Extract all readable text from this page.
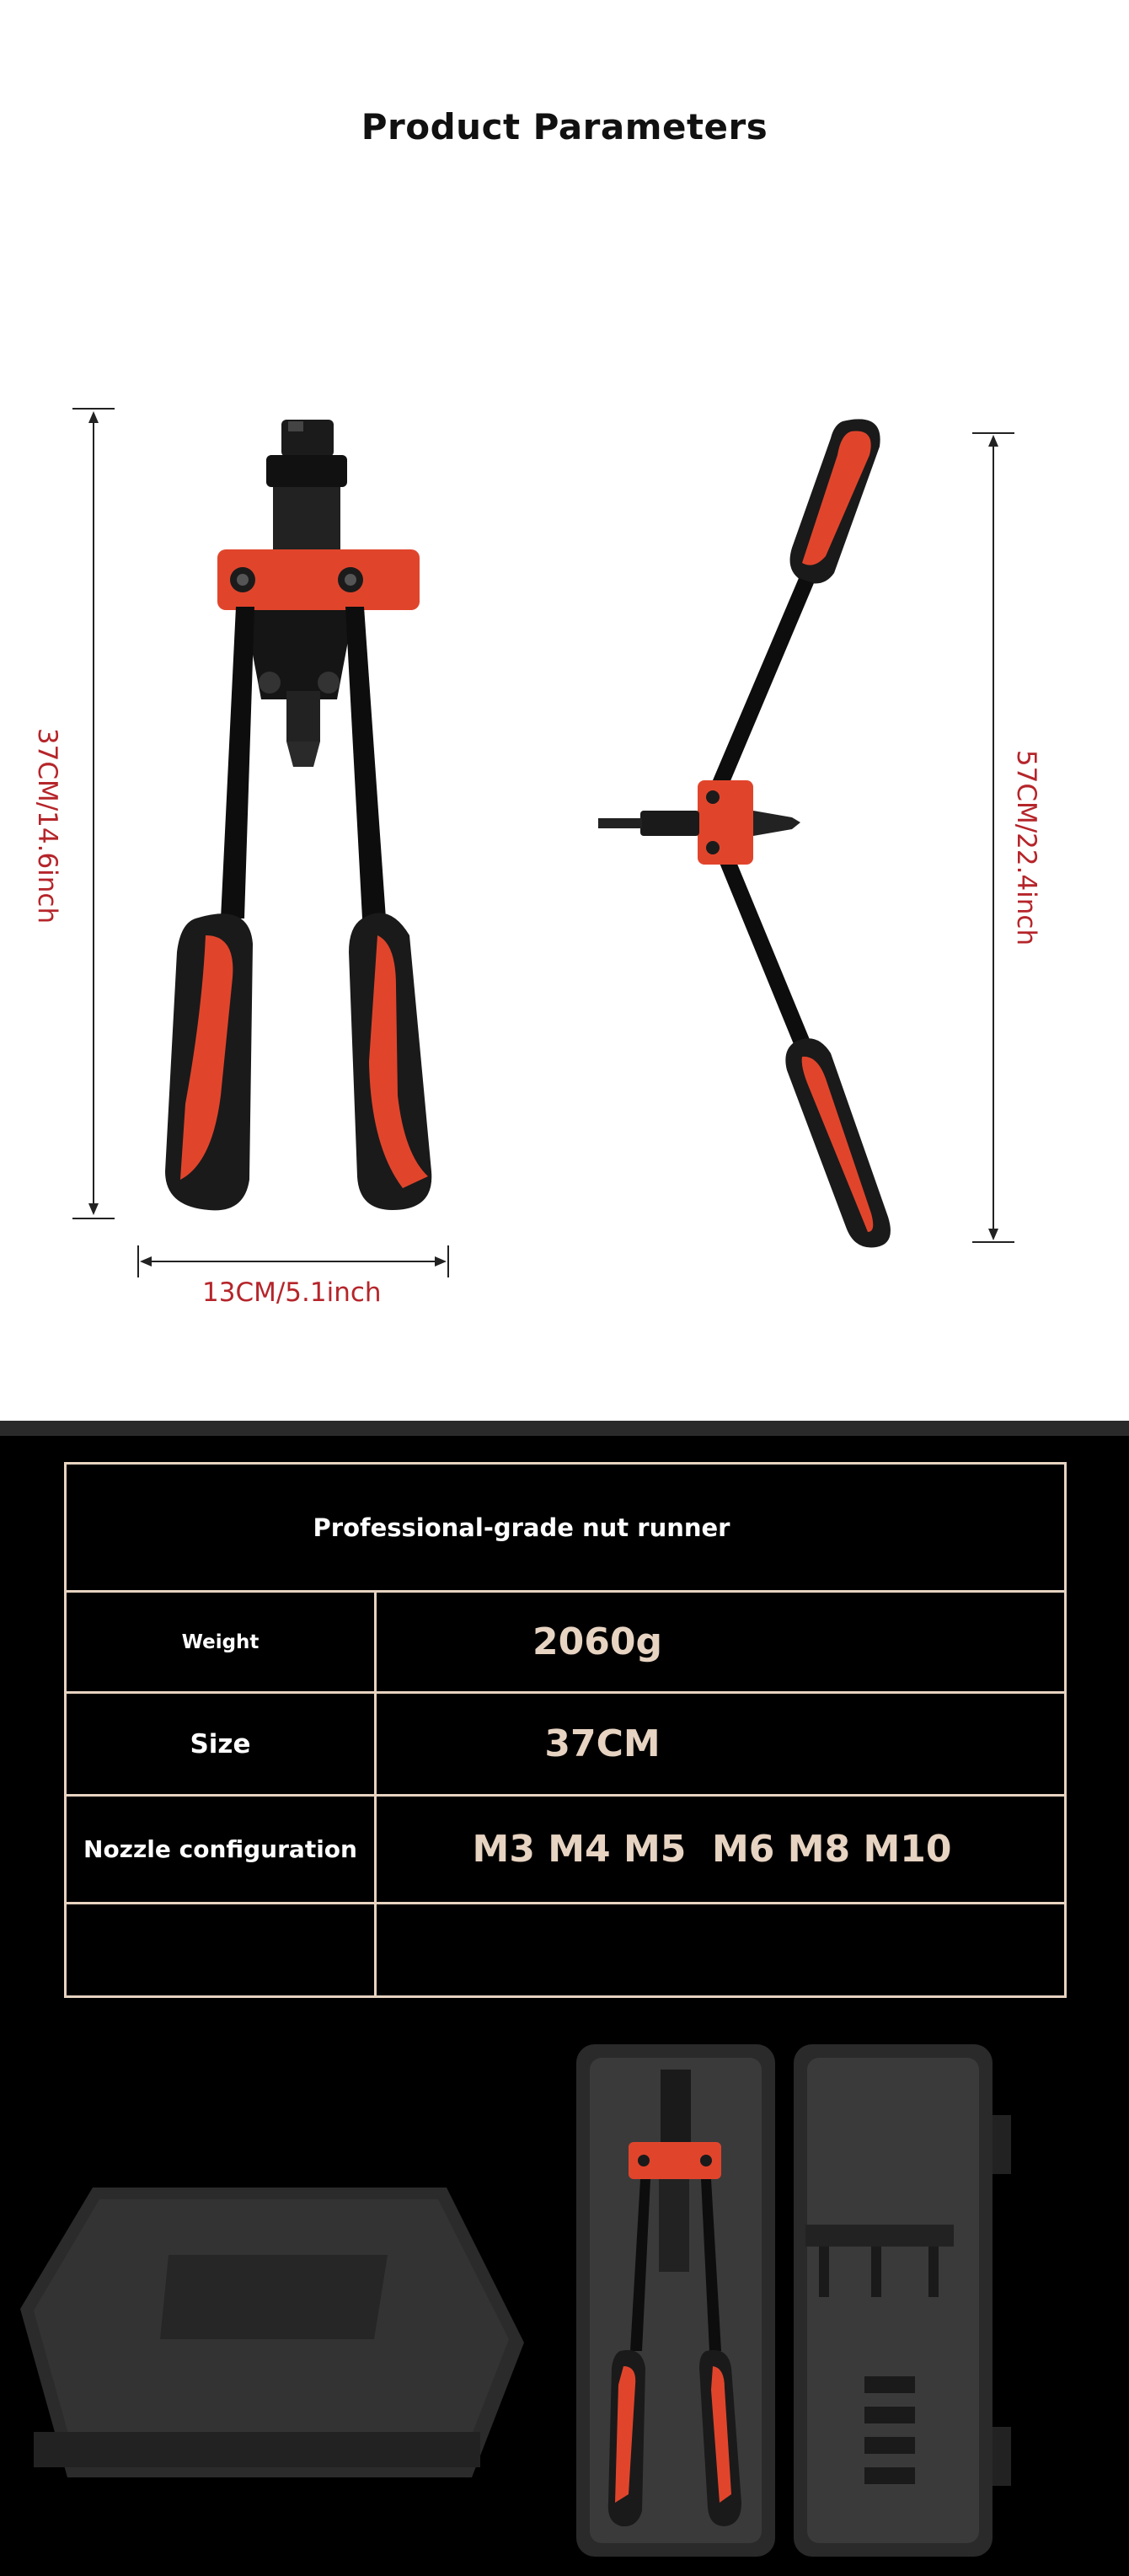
Product Parameters
37CM/14.6inch	57CM/22.4inch
13CM/5.1inch
Professional-grade nut runner
Weight	2060g
Size	37CM
Nozzle configuration	M3 M4 M5  M6 M8 M10
